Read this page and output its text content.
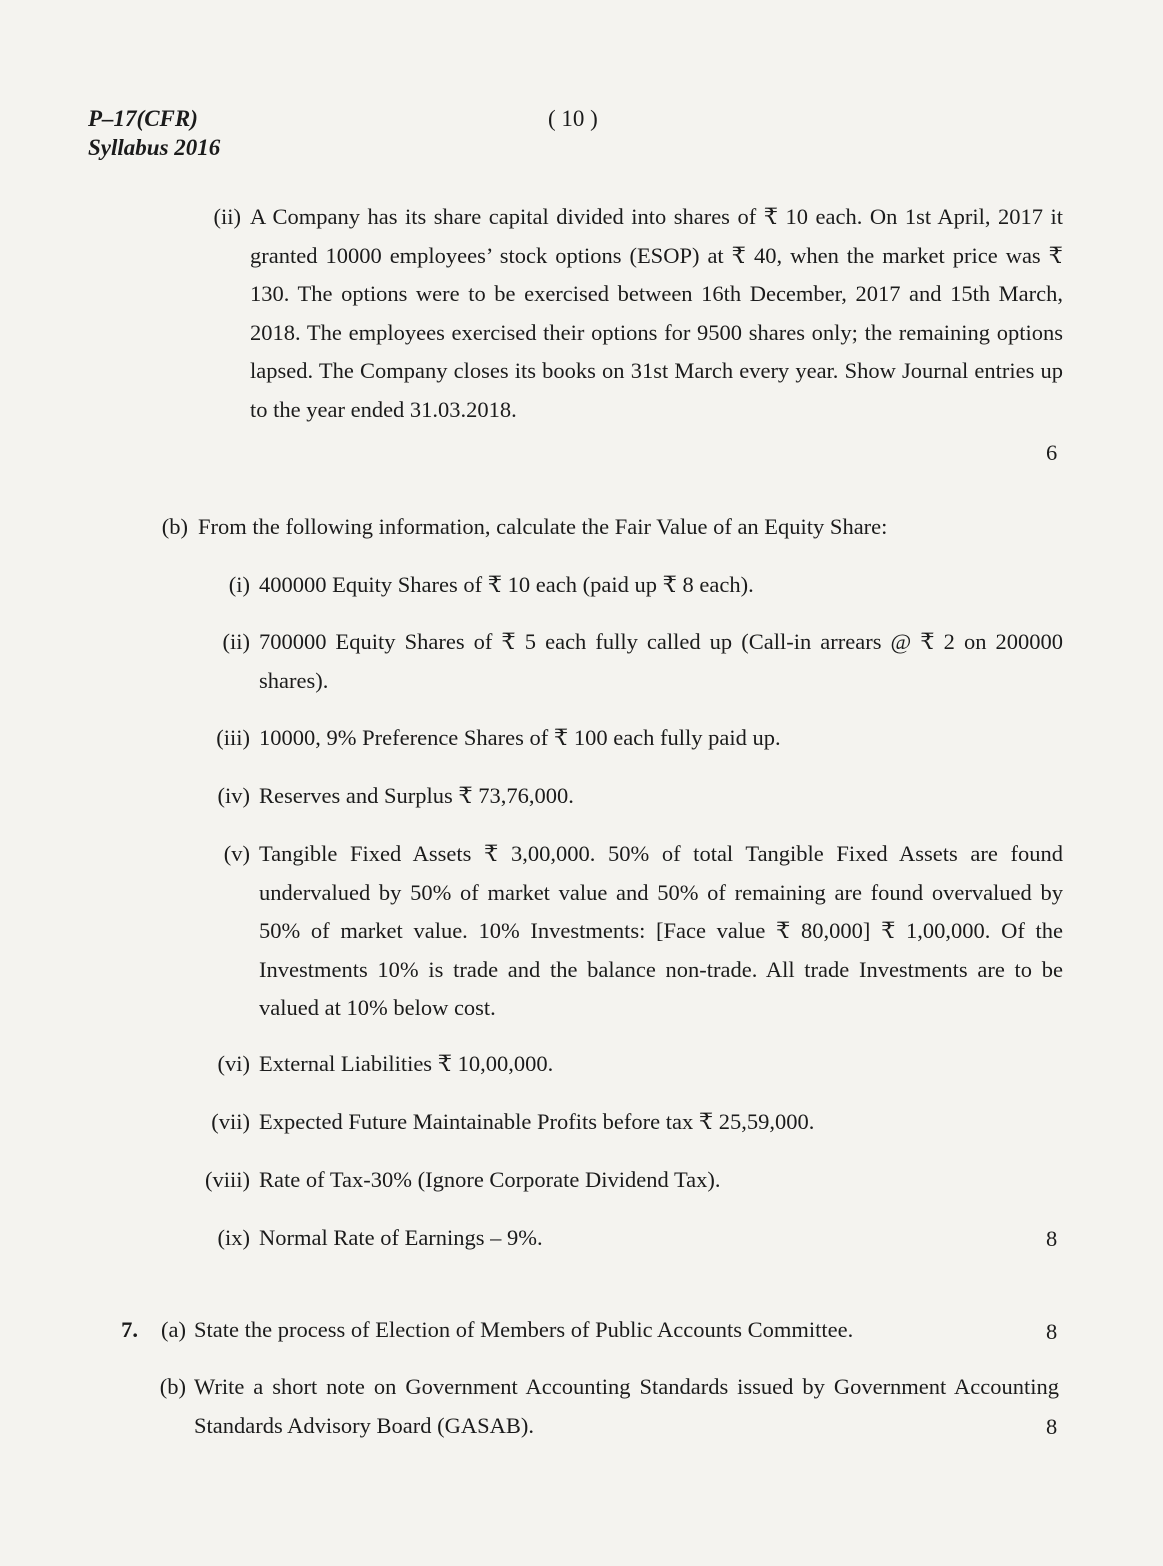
P–17(CFR)
Syllabus 2016
( 10 )
(ii) A Company has its share capital divided into shares of ₹ 10 each. On 1st April, 2017 it granted 10000 employees’ stock options (ESOP) at ₹ 40, when the market price was ₹ 130. The options were to be exercised between 16th December, 2017 and 15th March, 2018. The employees exercised their options for 9500 shares only; the remaining options lapsed. The Company closes its books on 31st March every year. Show Journal entries up to the year ended 31.03.2018.
6
(b) From the following information, calculate the Fair Value of an Equity Share:
(i) 400000 Equity Shares of ₹ 10 each (paid up ₹ 8 each).
(ii) 700000 Equity Shares of ₹ 5 each fully called up (Call-in arrears @ ₹ 2 on 200000 shares).
(iii) 10000, 9% Preference Shares of ₹ 100 each fully paid up.
(iv) Reserves and Surplus ₹ 73,76,000.
(v) Tangible Fixed Assets ₹ 3,00,000. 50% of total Tangible Fixed Assets are found undervalued by 50% of market value and 50% of remaining are found overvalued by 50% of market value. 10% Investments: [Face value ₹ 80,000] ₹ 1,00,000. Of the Investments 10% is trade and the balance non-trade. All trade Investments are to be valued at 10% below cost.
(vi) External Liabilities ₹ 10,00,000.
(vii) Expected Future Maintainable Profits before tax ₹ 25,59,000.
(viii) Rate of Tax-30% (Ignore Corporate Dividend Tax).
(ix) Normal Rate of Earnings – 9%.	8
7.	(a) State the process of Election of Members of Public Accounts Committee.	8
(b) Write a short note on Government Accounting Standards issued by Government Accounting Standards Advisory Board (GASAB).	8
